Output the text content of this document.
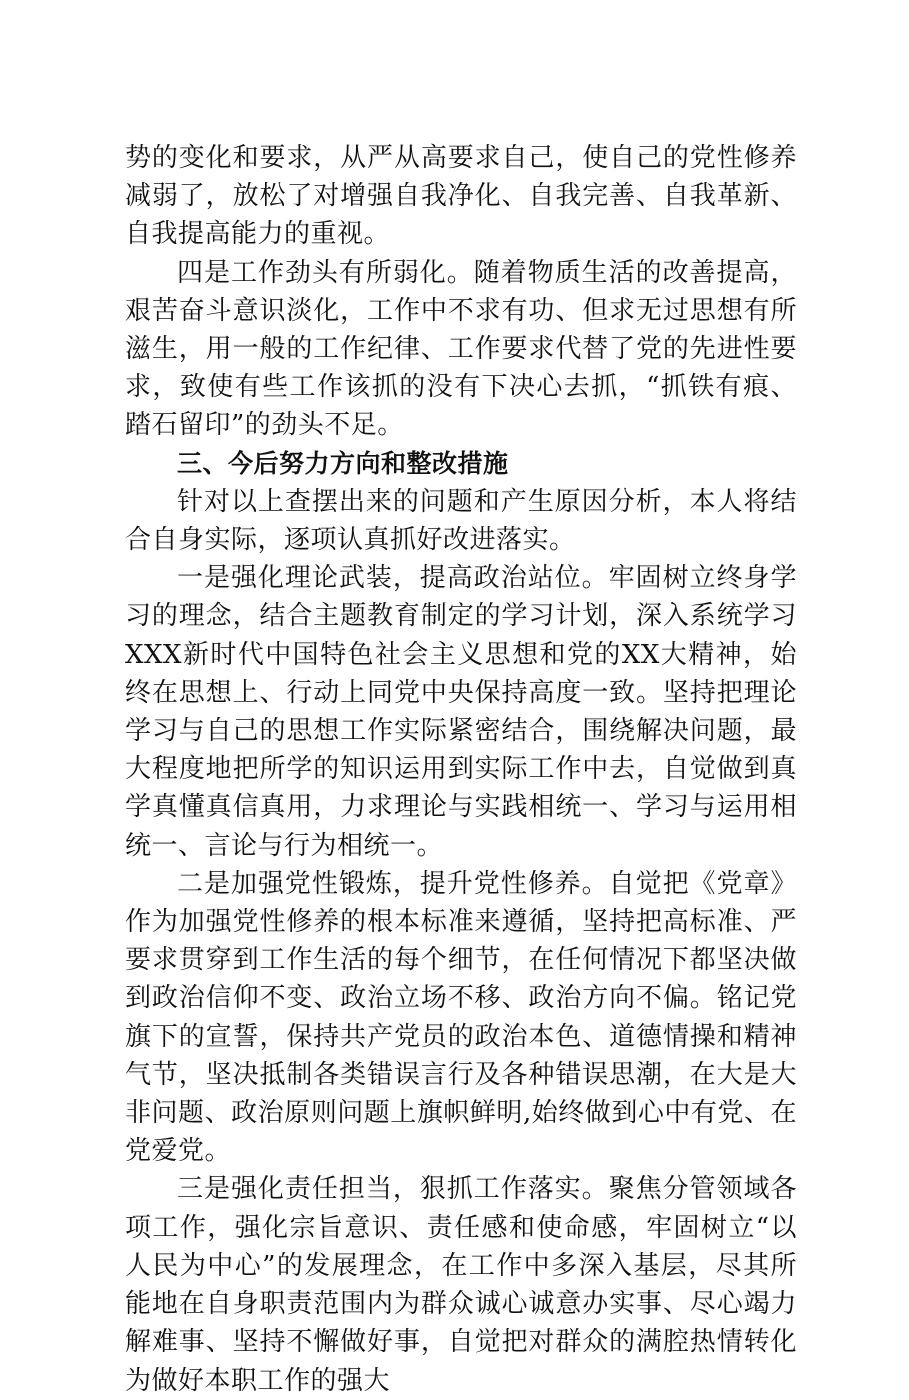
势的变化和要求，从严从高要求自己，使自己的党性修养减弱了，放松了对增强自我净化、自我完善、自我革新、自我提高能力的重视。

四是工作劲头有所弱化。随着物质生活的改善提高，艰苦奋斗意识淡化，工作中不求有功、但求无过思想有所滋生，用一般的工作纪律、工作要求代替了党的先进性要求，致使有些工作该抓的没有下决心去抓，“抓铁有痕、踏石留印”的劲头不足。

三、今后努力方向和整改措施

针对以上查摆出来的问题和产生原因分析，本人将结合自身实际，逐项认真抓好改进落实。

一是强化理论武装，提高政治站位。牢固树立终身学习的理念，结合主题教育制定的学习计划，深入系统学习XXX新时代中国特色社会主义思想和党的XX大精神，始终在思想上、行动上同党中央保持高度一致。坚持把理论学习与自己的思想工作实际紧密结合，围绕解决问题，最大程度地把所学的知识运用到实际工作中去，自觉做到真学真懂真信真用，力求理论与实践相统一、学习与运用相统一、言论与行为相统一。

二是加强党性锻炼，提升党性修养。自觉把《党章》作为加强党性修养的根本标准来遵循，坚持把高标准、严要求贯穿到工作生活的每个细节，在任何情况下都坚决做到政治信仰不变、政治立场不移、政治方向不偏。铭记党旗下的宣誓，保持共产党员的政治本色、道德情操和精神气节，坚决抵制各类错误言行及各种错误思潮，在大是大非问题、政治原则问题上旗帜鲜明,始终做到心中有党、在党爱党。

三是强化责任担当，狠抓工作落实。聚焦分管领域各项工作，强化宗旨意识、责任感和使命感，牢固树立“以人民为中心”的发展理念，在工作中多深入基层，尽其所能地在自身职责范围内为群众诚心诚意办实事、尽心竭力解难事、坚持不懈做好事，自觉把对群众的满腔热情转化为做好本职工作的强大
